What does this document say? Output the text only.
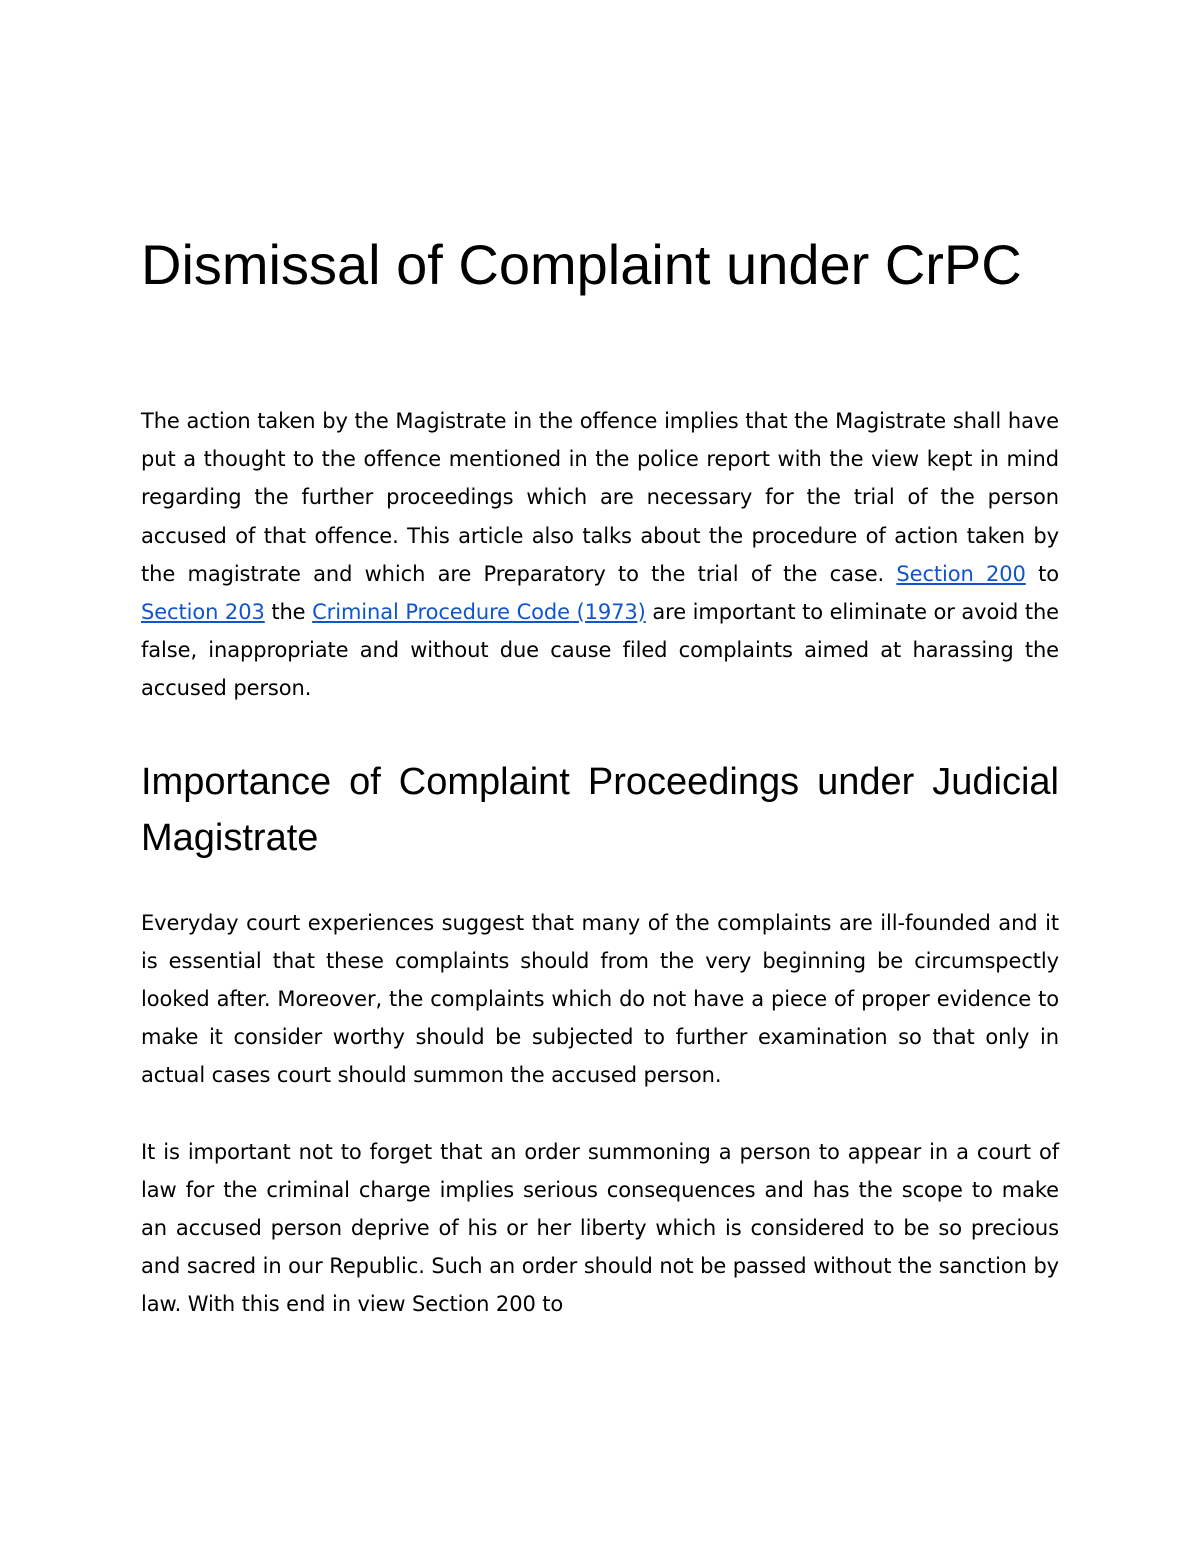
Dismissal of Complaint under CrPC

The action taken by the Magistrate in the offence implies that the Magistrate shall have put a thought to the offence mentioned in the police report with the view kept in mind regarding the further proceedings which are necessary for the trial of the person accused of that offence. This article also talks about the procedure of action taken by the magistrate and which are Preparatory to the trial of the case. Section 200 to Section 203 the Criminal Procedure Code (1973) are important to eliminate or avoid the false, inappropriate and without due cause filed complaints aimed at harassing the accused person.

Importance of Complaint Proceedings under Judicial Magistrate

Everyday court experiences suggest that many of the complaints are ill-founded and it is essential that these complaints should from the very beginning be circumspectly looked after. Moreover, the complaints which do not have a piece of proper evidence to make it consider worthy should be subjected to further examination so that only in actual cases court should summon the accused person.

It is important not to forget that an order summoning a person to appear in a court of law for the criminal charge implies serious consequences and has the scope to make an accused person deprive of his or her liberty which is considered to be so precious and sacred in our Republic. Such an order should not be passed without the sanction by law. With this end in view Section 200 to
